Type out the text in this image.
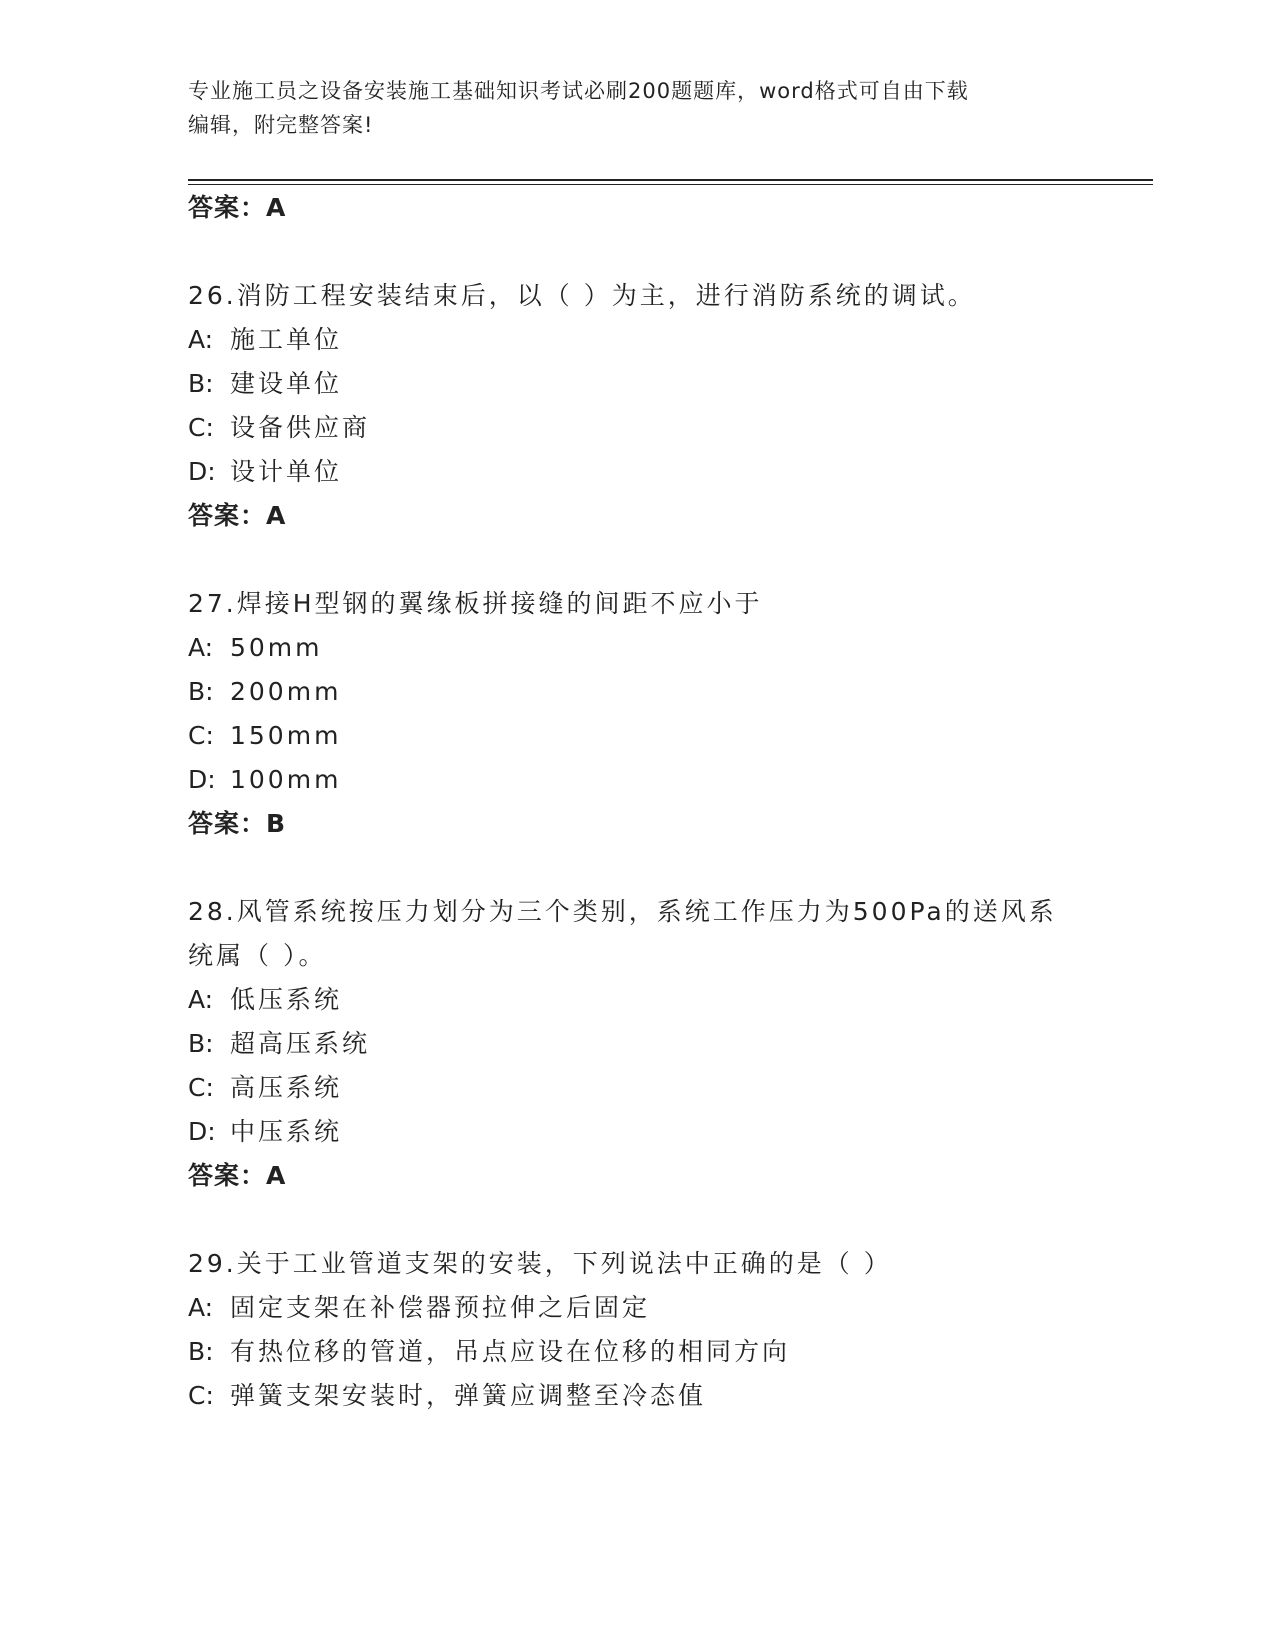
专业施工员之设备安装施工基础知识考试必刷200题题库，word格式可自由下载
编辑，附完整答案!
答案：A
26.消防工程安装结束后，以（ ）为主，进行消防系统的调试。
A: 施工单位
B: 建设单位
C: 设备供应商
D: 设计单位
答案：A
27.焊接H型钢的翼缘板拼接缝的间距不应小于
A: 50mm
B: 200mm
C: 150mm
D: 100mm
答案：B
28.风管系统按压力划分为三个类别，系统工作压力为500Pa的送风系
统属（ ）。
A: 低压系统
B: 超高压系统
C: 高压系统
D: 中压系统
答案：A
29.关于工业管道支架的安装，下列说法中正确的是（ ）
A: 固定支架在补偿器预拉伸之后固定
B: 有热位移的管道，吊点应设在位移的相同方向
C: 弹簧支架安装时，弹簧应调整至冷态值
